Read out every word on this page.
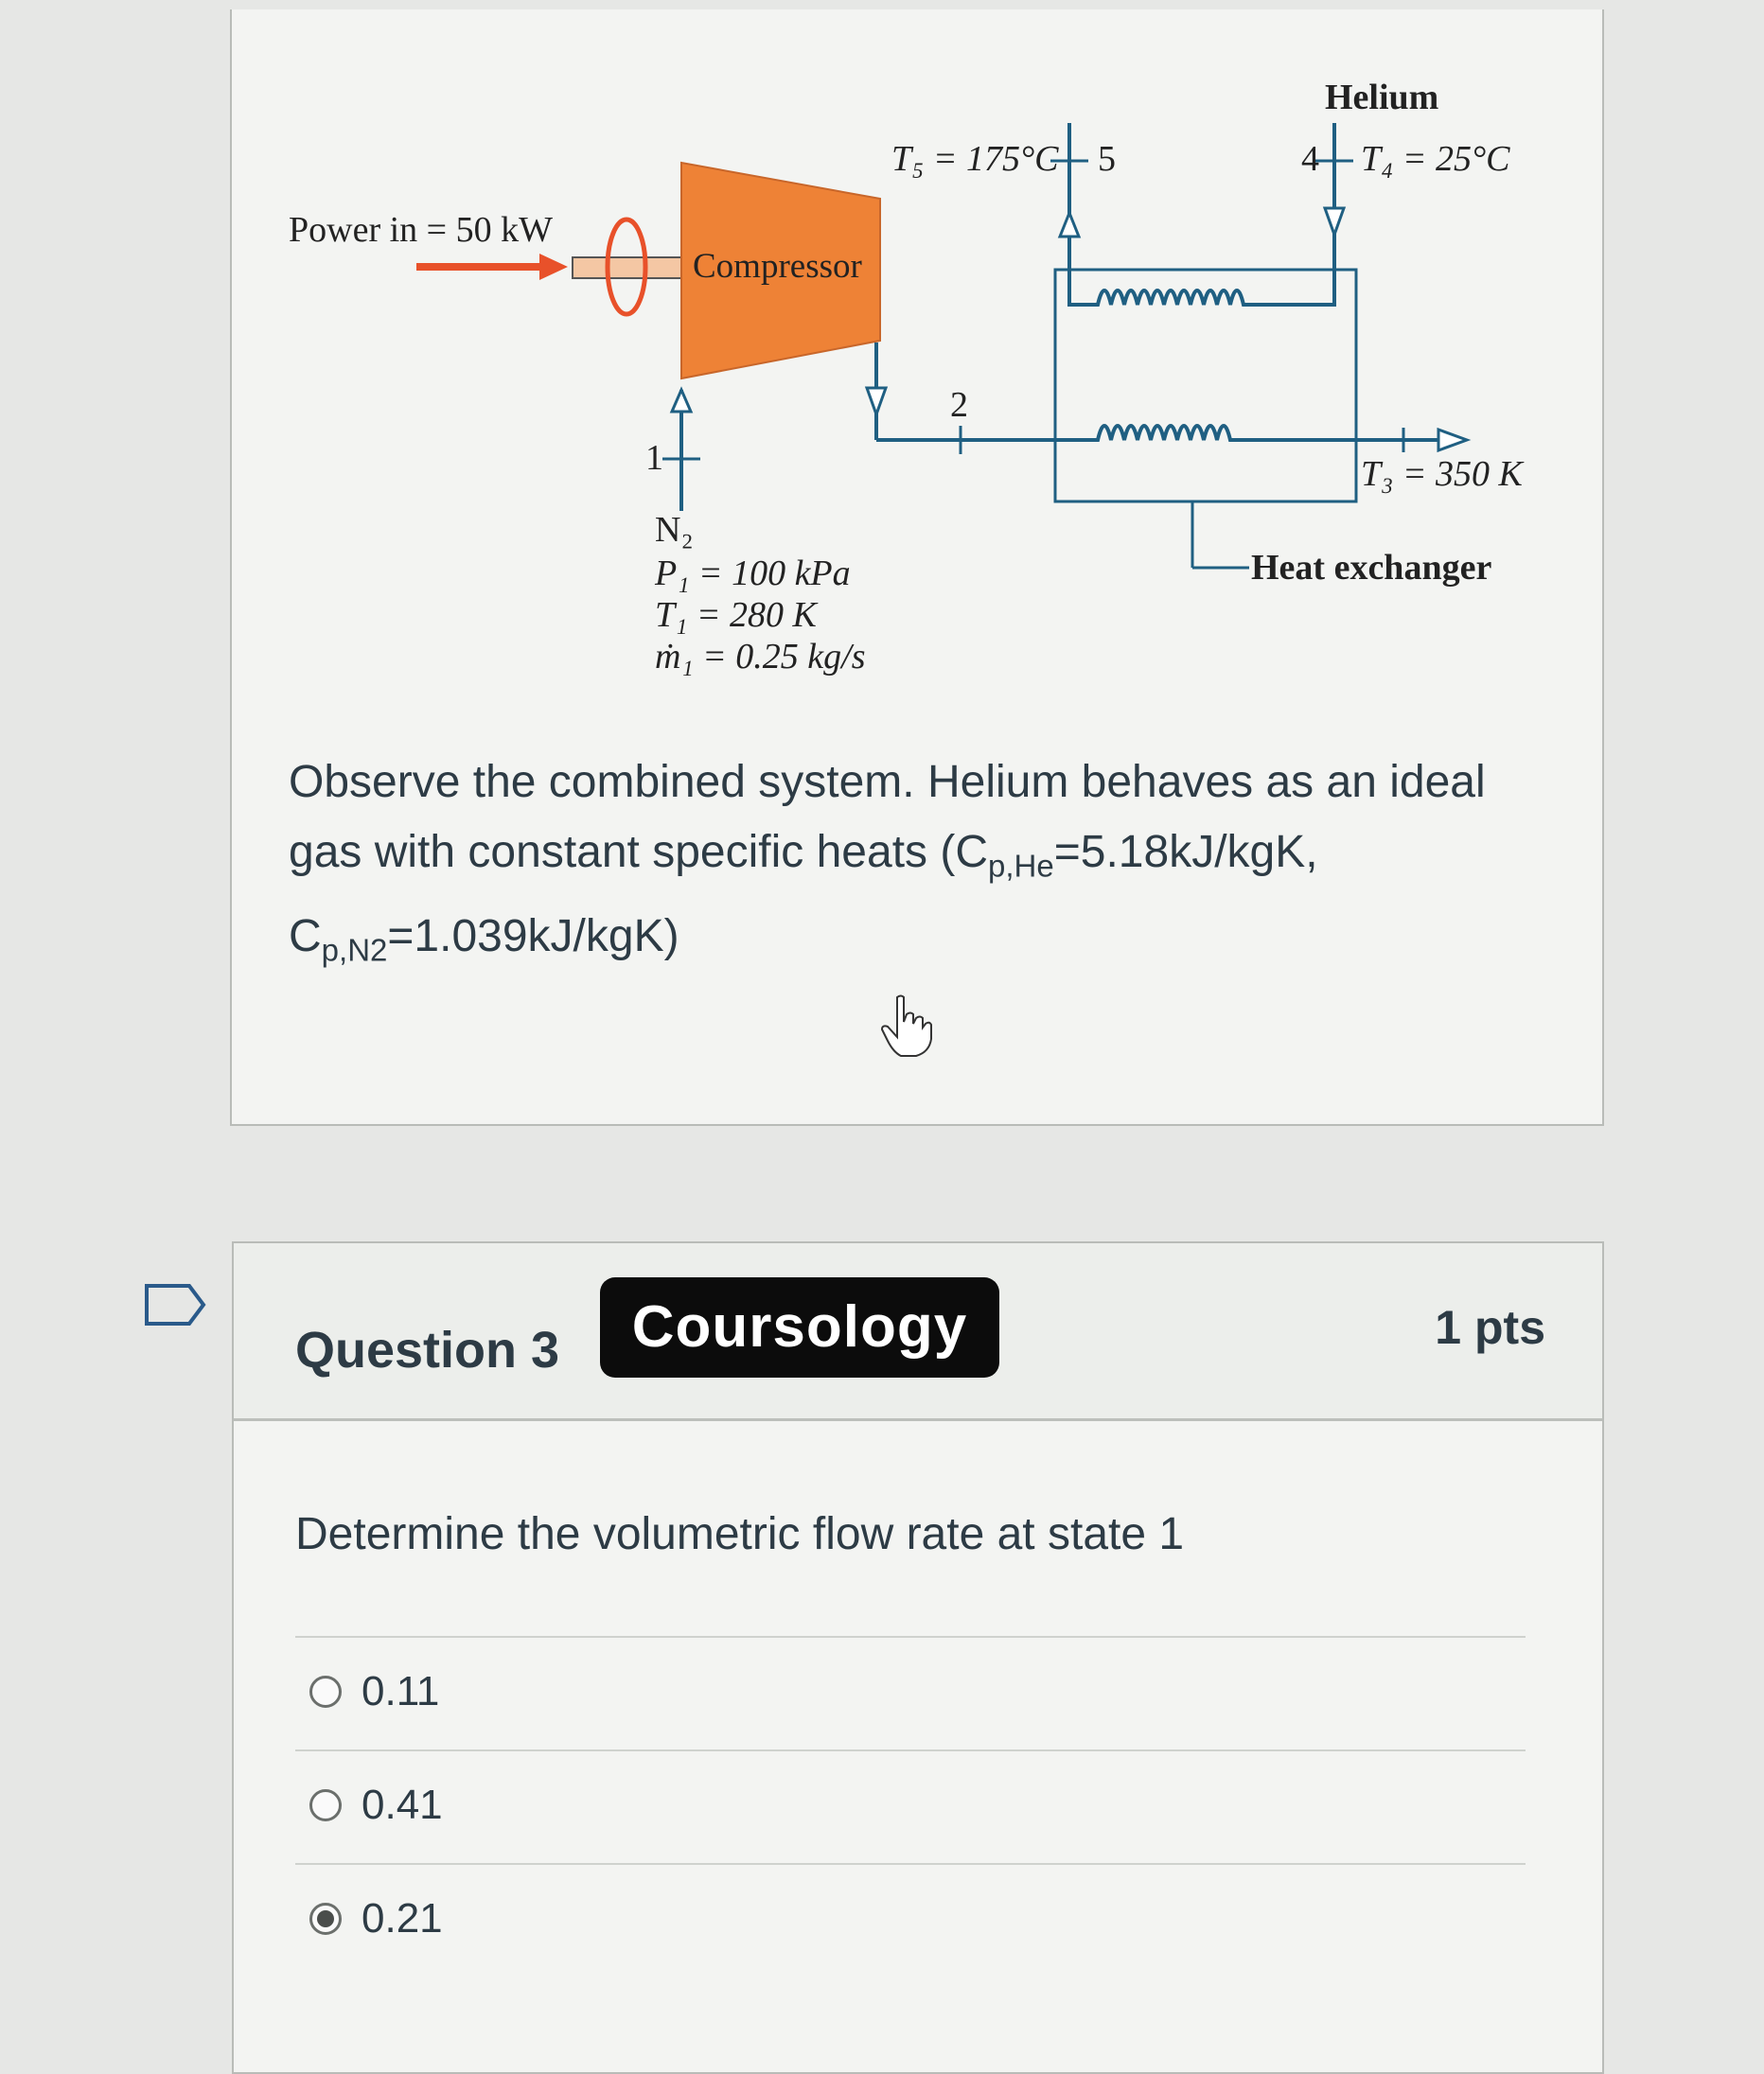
Power in = 50 kW
Compressor
1
2
T₃ = 350 K
T₅ = 175°C 5	4 T₄ = 25°C
Helium
Heat exchanger
N₂
P₁ = 100 kPa
T₁ = 280 K
ṁ₁ = 0.25 kg/s
Observe the combined system. Helium behaves as an ideal
gas with constant specific heats ($C_{p,He}=5.18kJ$/kgK,
$C_{p,N2}=1.039kJ/kgK$)
Question 3	Coursology	1 pts
Determine the volumetric flow rate at state 1
0.11
0.41
0.21
